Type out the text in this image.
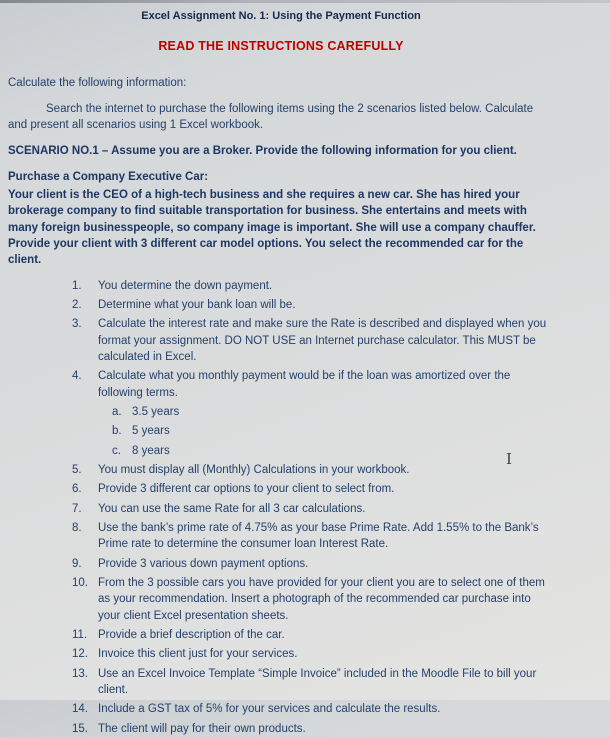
Excel Assignment No. 1: Using the Payment Function
READ THE INSTRUCTIONS CAREFULLY
Calculate the following information:
Search the internet to purchase the following items using the 2 scenarios listed below. Calculate and present all scenarios using 1 Excel workbook.
SCENARIO NO.1 – Assume you are a Broker. Provide the following information for you client.
Purchase a Company Executive Car:
Your client is the CEO of a high-tech business and she requires a new car. She has hired your brokerage company to find suitable transportation for business. She entertains and meets with many foreign businesspeople, so company image is important. She will use a company chauffer. Provide your client with 3 different car model options. You select the recommended car for the client.
1.	You determine the down payment.
2.	Determine what your bank loan will be.
3.	Calculate the interest rate and make sure the Rate is described and displayed when you format your assignment. DO NOT USE an Internet purchase calculator. This MUST be calculated in Excel.
4.	Calculate what you monthly payment would be if the loan was amortized over the following terms.
a. 3.5 years
b. 5 years
c. 8 years
5.	You must display all (Monthly) Calculations in your workbook.
6.	Provide 3 different car options to your client to select from.
7.	You can use the same Rate for all 3 car calculations.
8.	Use the bank’s prime rate of 4.75% as your base Prime Rate. Add 1.55% to the Bank’s Prime rate to determine the consumer loan Interest Rate.
9.	Provide 3 various down payment options.
10. From the 3 possible cars you have provided for your client you are to select one of them as your recommendation. Insert a photograph of the recommended car purchase into your client Excel presentation sheets.
11. Provide a brief description of the car.
12. Invoice this client just for your services.
13. Use an Excel Invoice Template “Simple Invoice” included in the Moodle File to bill your client.
14. Include a GST tax of 5% for your services and calculate the results.
15. The client will pay for their own products.
I
